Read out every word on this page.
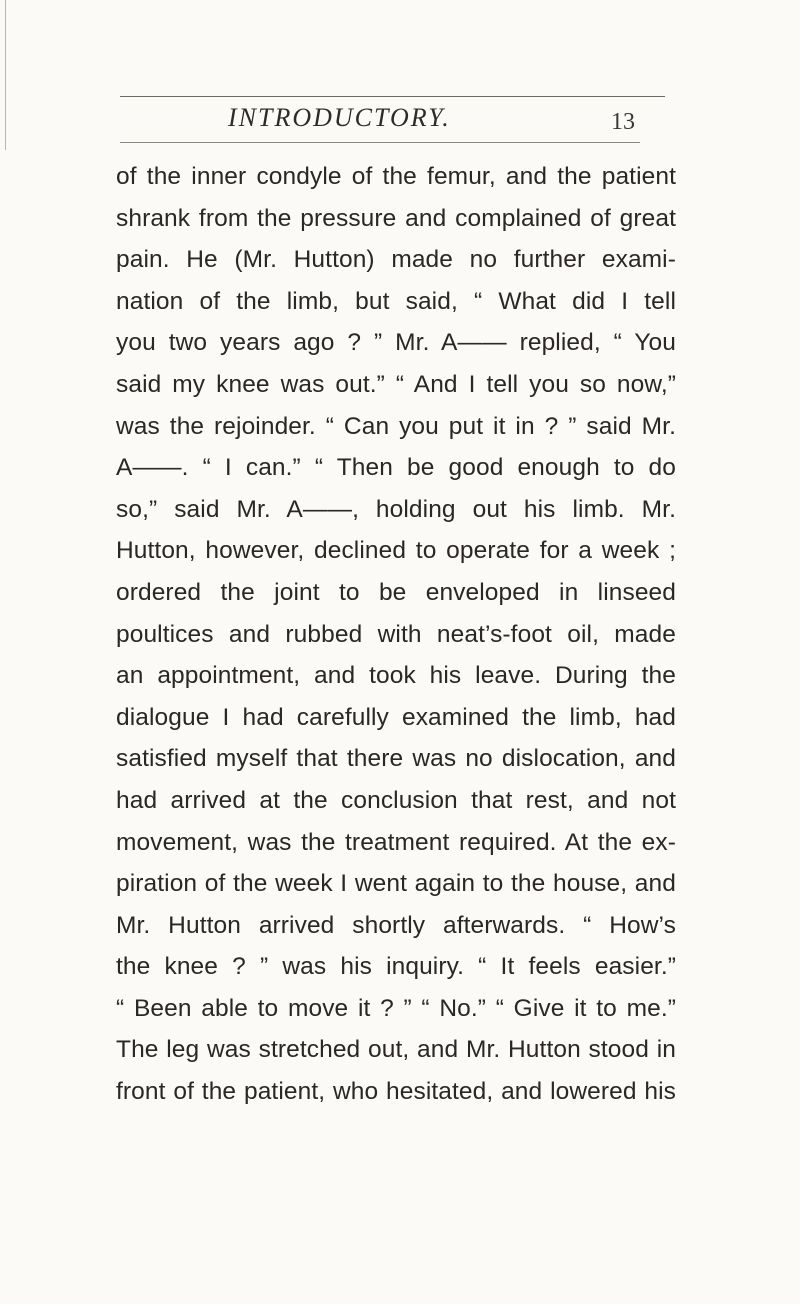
INTRODUCTORY.	13
of the inner condyle of the femur, and the patient
shrank from the pressure and complained of great
pain. He (Mr. Hutton) made no further exami-
nation of the limb, but said, “ What did I tell
you two years ago ? ” Mr. A—— replied, “ You
said my knee was out.” “ And I tell you so now,”
was the rejoinder. “ Can you put it in ? ” said Mr.
A——. “ I can.” “ Then be good enough to do
so,” said Mr. A——, holding out his limb. Mr.
Hutton, however, declined to operate for a week ;
ordered the joint to be enveloped in linseed
poultices and rubbed with neat’s-foot oil, made
an appointment, and took his leave. During the
dialogue I had carefully examined the limb, had
satisfied myself that there was no dislocation, and
had arrived at the conclusion that rest, and not
movement, was the treatment required. At the ex-
piration of the week I went again to the house, and
Mr. Hutton arrived shortly afterwards. “ How’s
the knee ? ” was his inquiry. “ It feels easier.”
“ Been able to move it ? ” “ No.” “ Give it to me.”
The leg was stretched out, and Mr. Hutton stood in
front of the patient, who hesitated, and lowered his
